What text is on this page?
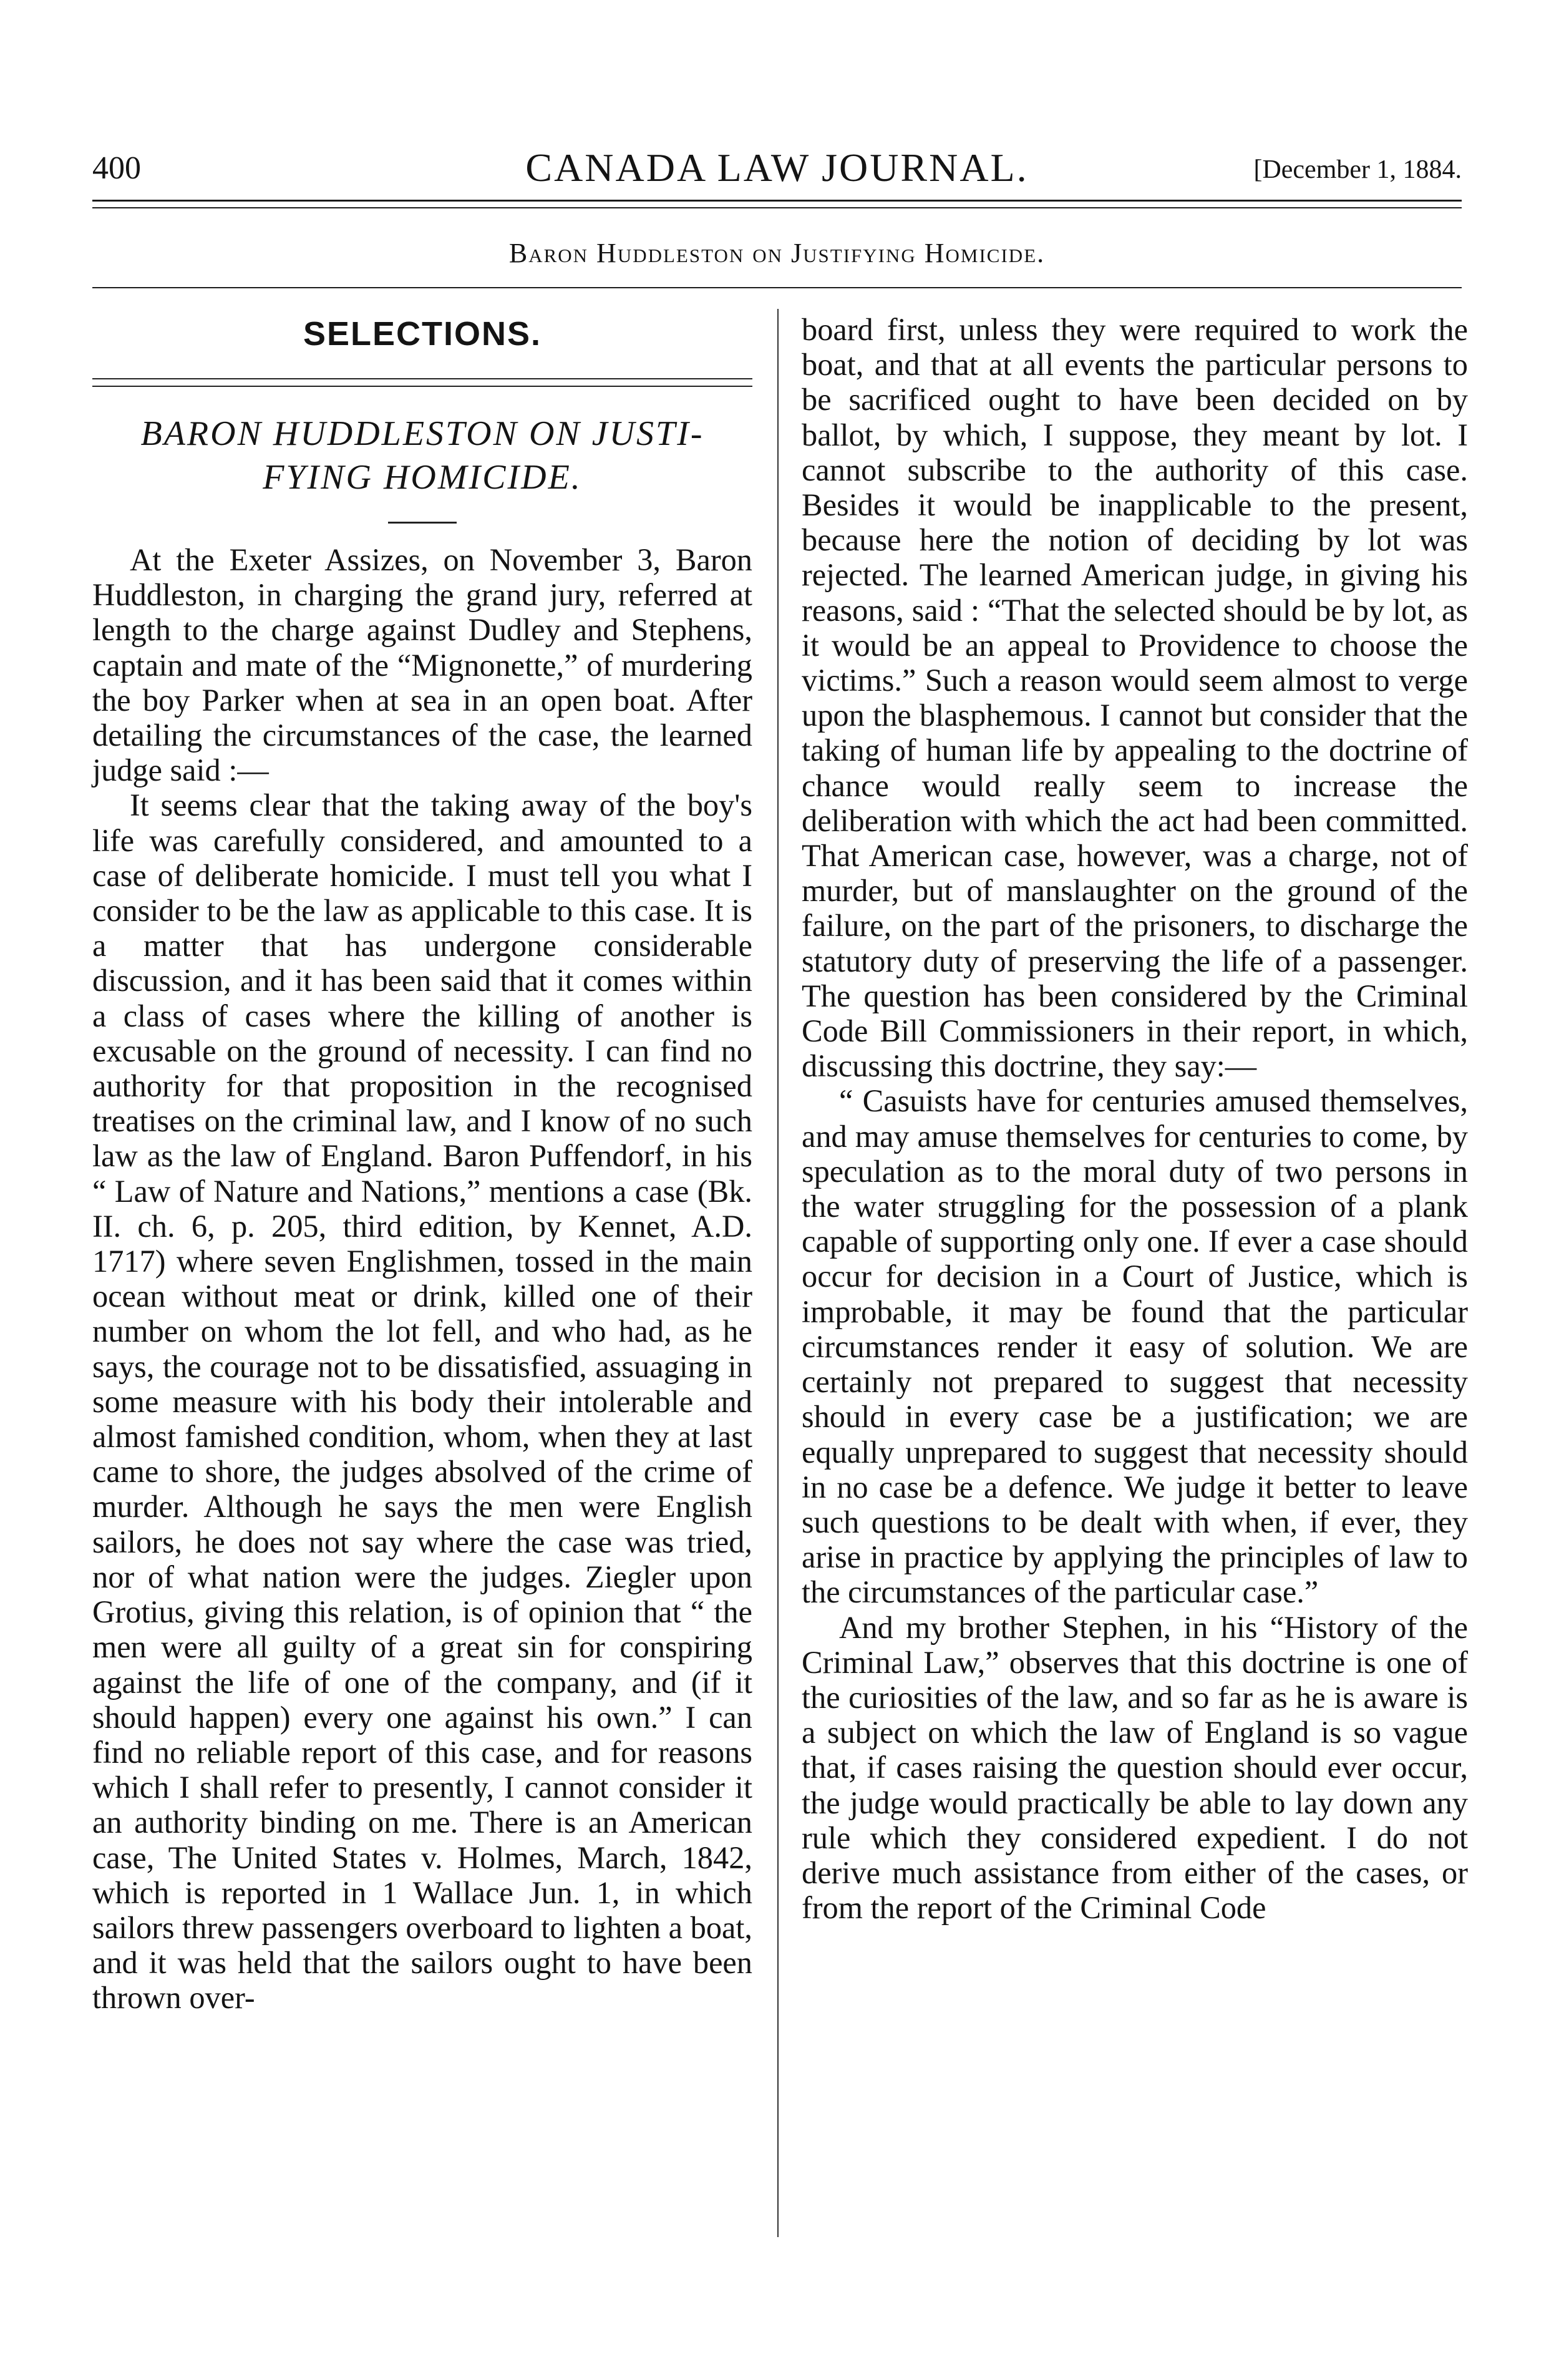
400	CANADA LAW JOURNAL.	[December 1, 1884.
Baron Huddleston on Justifying Homicide.
SELECTIONS.
BARON HUDDLESTON ON JUSTI-
FYING HOMICIDE.

At the Exeter Assizes, on November 3, Baron Huddleston, in charging the grand jury, referred at length to the charge against Dudley and Stephens, captain and mate of the “Mignonette,” of murdering the boy Parker when at sea in an open boat. After detailing the circumstances of the case, the learned judge said :—

It seems clear that the taking away of the boy's life was carefully considered, and amounted to a case of deliberate homicide. I must tell you what I consider to be the law as applicable to this case. It is a matter that has undergone considerable discussion, and it has been said that it comes within a class of cases where the killing of another is excusable on the ground of necessity. I can find no authority for that proposition in the recognised treatises on the criminal law, and I know of no such law as the law of England. Baron Puffendorf, in his “ Law of Nature and Nations,” mentions a case (Bk. II. ch. 6, p. 205, third edition, by Kennet, A.D. 1717) where seven Englishmen, tossed in the main ocean without meat or drink, killed one of their number on whom the lot fell, and who had, as he says, the courage not to be dissatisfied, assuaging in some measure with his body their intolerable and almost famished condition, whom, when they at last came to shore, the judges absolved of the crime of murder. Although he says the men were English sailors, he does not say where the case was tried, nor of what nation were the judges. Ziegler upon Grotius, giving this relation, is of opinion that “ the men were all guilty of a great sin for conspiring against the life of one of the company, and (if it should happen) every one against his own.” I can find no reliable report of this case, and for reasons which I shall refer to presently, I cannot consider it an authority binding on me. There is an American case, The United States v. Holmes, March, 1842, which is reported in 1 Wallace Jun. 1, in which sailors threw passengers overboard to lighten a boat, and it was held that the sailors ought to have been thrown over-

board first, unless they were required to work the boat, and that at all events the particular persons to be sacrificed ought to have been decided on by ballot, by which, I suppose, they meant by lot. I cannot subscribe to the authority of this case. Besides it would be inapplicable to the present, because here the notion of deciding by lot was rejected. The learned American judge, in giving his reasons, said : “That the selected should be by lot, as it would be an appeal to Providence to choose the victims.” Such a reason would seem almost to verge upon the blasphemous. I cannot but consider that the taking of human life by appealing to the doctrine of chance would really seem to increase the deliberation with which the act had been committed. That American case, however, was a charge, not of murder, but of manslaughter on the ground of the failure, on the part of the prisoners, to discharge the statutory duty of preserving the life of a passenger. The question has been considered by the Criminal Code Bill Commissioners in their report, in which, discussing this doctrine, they say:—

“ Casuists have for centuries amused themselves, and may amuse themselves for centuries to come, by speculation as to the moral duty of two persons in the water struggling for the possession of a plank capable of supporting only one. If ever a case should occur for decision in a Court of Justice, which is improbable, it may be found that the particular circumstances render it easy of solution. We are certainly not prepared to suggest that necessity should in every case be a justification; we are equally unprepared to suggest that necessity should in no case be a defence. We judge it better to leave such questions to be dealt with when, if ever, they arise in practice by applying the principles of law to the circumstances of the particular case.”

And my brother Stephen, in his “History of the Criminal Law,” observes that this doctrine is one of the curiosities of the law, and so far as he is aware is a subject on which the law of England is so vague that, if cases raising the question should ever occur, the judge would practically be able to lay down any rule which they considered expedient. I do not derive much assistance from either of the cases, or from the report of the Criminal Code
